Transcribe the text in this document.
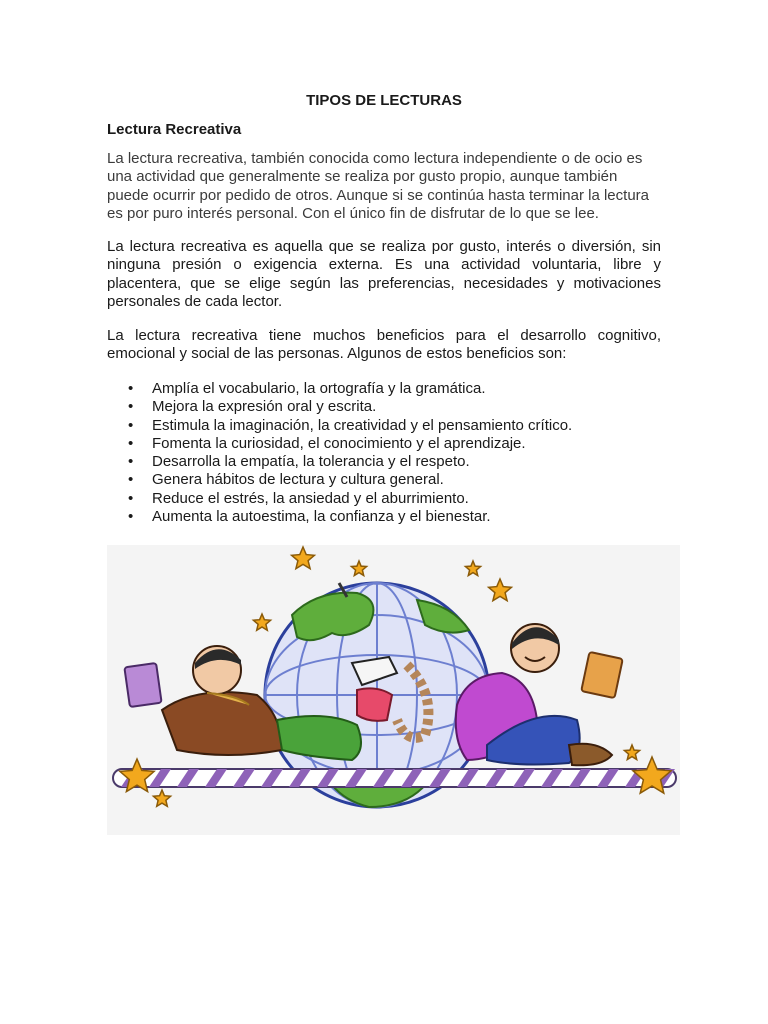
TIPOS DE LECTURAS
Lectura Recreativa

La lectura recreativa, también conocida como lectura independiente o de ocio es una actividad que generalmente se realiza por gusto propio, aunque también puede ocurrir por pedido de otros. Aunque si se continúa hasta terminar la lectura es por puro interés personal. Con el único fin de disfrutar de lo que se lee.

La lectura recreativa es aquella que se realiza por gusto, interés o diversión, sin ninguna presión o exigencia externa. Es una actividad voluntaria, libre y placentera, que se elige según las preferencias, necesidades y motivaciones personales de cada lector.

La lectura recreativa tiene muchos beneficios para el desarrollo cognitivo, emocional y social de las personas. Algunos de estos beneficios son:

• Amplía el vocabulario, la ortografía y la gramática.
• Mejora la expresión oral y escrita.
• Estimula la imaginación, la creatividad y el pensamiento crítico.
• Fomenta la curiosidad, el conocimiento y el aprendizaje.
• Desarrolla la empatía, la tolerancia y el respeto.
• Genera hábitos de lectura y cultura general.
• Reduce el estrés, la ansiedad y el aburrimiento.
• Aumenta la autoestima, la confianza y el bienestar.
